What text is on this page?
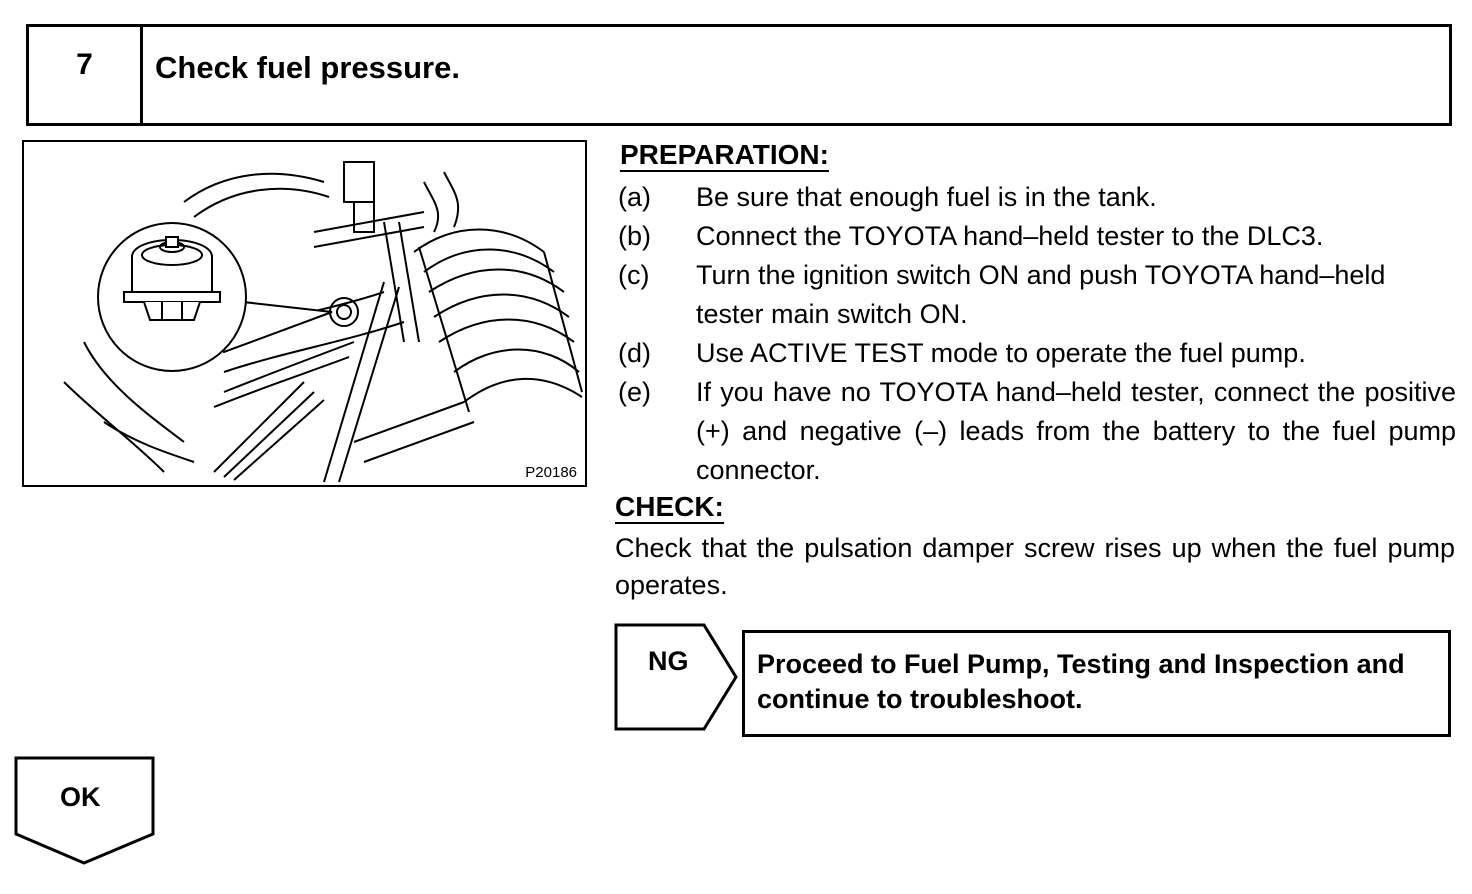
7	Check fuel pressure.
P20186
PREPARATION:
(a)	Be sure that enough fuel is in the tank.
(b)	Connect the TOYOTA hand–held tester to the DLC3.
(c)	Turn the ignition switch ON and push TOYOTA hand–held tester main switch ON.
(d)	Use ACTIVE TEST mode to operate the fuel pump.
(e)	If you have no TOYOTA hand–held tester, connect the positive (+) and negative (–) leads from the battery to the fuel pump connector.
CHECK:
Check that the pulsation damper screw rises up when the fuel pump operates.
NG	Proceed to Fuel Pump, Testing and Inspection and continue to troubleshoot.
OK
